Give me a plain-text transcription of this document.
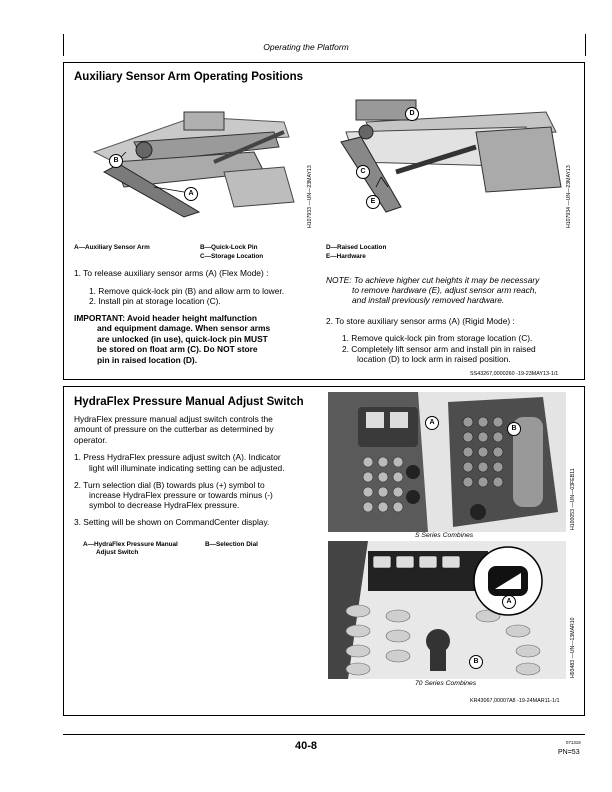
Operating the Platform
Auxiliary Sensor Arm Operating Positions
B
A	H107933 —UN—23MAY13
D
C
E	H107934 —UN—23MAY13
A—Auxiliary Sensor Arm	B—Quick-Lock Pin
C—Storage Location
D—Raised Location
E—Hardware
1. To release auxiliary sensor arms (A) (Flex Mode) :
1. Remove quick-lock pin (B) and allow arm to lower.
2. Install pin at storage location (C).
IMPORTANT: Avoid header height malfunction
and equipment damage. When sensor arms
are unlocked (in use), quick-lock pin MUST
be stored on float arm (C). Do NOT store
pin in raised location (D).
NOTE: To achieve higher cut heights it may be necessary
to remove hardware (E), adjust sensor arm reach,
and install previously removed hardware.
2. To store auxiliary sensor arms (A) (Rigid Mode) :
1. Remove quick-lock pin from storage location (C).
2. Completely lift sensor arm and install pin in raised
location (D) to lock arm in raised position.
SS43267,0000260 -19-23MAY13-1/1
HydraFlex Pressure Manual Adjust Switch
HydraFlex pressure manual adjust switch controls the
amount of pressure on the cutterbar as determined by
operator.
1. Press HydraFlex pressure adjust switch (A). Indicator
light will illuminate indicating setting can be adjusted.
2. Turn selection dial (B) towards plus (+) symbol to
increase HydraFlex pressure or towards minus (-)
symbol to decrease HydraFlex pressure.
3. Setting will be shown on CommandCenter display.
A—HydraFlex Pressure Manual
Adjust Switch
B—Selection Dial
A
B
S Series Combines
H100053 —UN—03FEB11
A
B
70 Series Combines
H93483 —UN—13MAR10
KR43067,00007A8 -19-24MAR11-1/1
40-8	071318
PN=53
